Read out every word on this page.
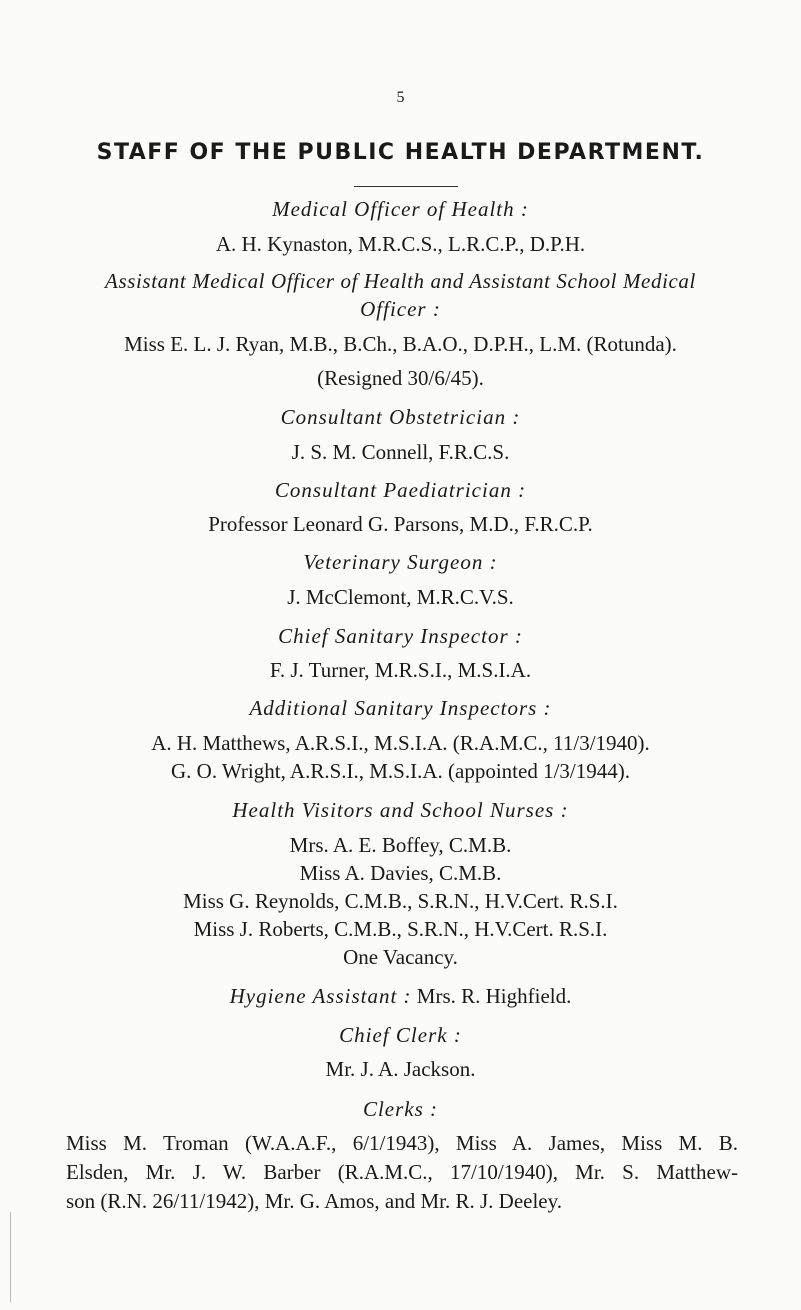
5
STAFF OF THE PUBLIC HEALTH DEPARTMENT.
Medical Officer of Health :
A. H. Kynaston, M.R.C.S., L.R.C.P., D.P.H.
Assistant Medical Officer of Health and Assistant School Medical
Officer :
Miss E. L. J. Ryan, M.B., B.Ch., B.A.O., D.P.H., L.M. (Rotunda).
(Resigned 30/6/45).
Consultant Obstetrician :
J. S. M. Connell, F.R.C.S.
Consultant Paediatrician :
Professor Leonard G. Parsons, M.D., F.R.C.P.
Veterinary Surgeon :
J. McClemont, M.R.C.V.S.
Chief Sanitary Inspector :
F. J. Turner, M.R.S.I., M.S.I.A.
Additional Sanitary Inspectors :
A. H. Matthews, A.R.S.I., M.S.I.A. (R.A.M.C., 11/3/1940).
G. O. Wright, A.R.S.I., M.S.I.A. (appointed 1/3/1944).
Health Visitors and School Nurses :
Mrs. A. E. Boffey, C.M.B.
Miss A. Davies, C.M.B.
Miss G. Reynolds, C.M.B., S.R.N., H.V.Cert. R.S.I.
Miss J. Roberts, C.M.B., S.R.N., H.V.Cert. R.S.I.
One Vacancy.
Hygiene Assistant : Mrs. R. Highfield.
Chief Clerk :
Mr. J. A. Jackson.
Clerks :
Miss M. Troman (W.A.A.F., 6/1/1943), Miss A. James, Miss M. B.
Elsden, Mr. J. W. Barber (R.A.M.C., 17/10/1940), Mr. S. Matthew-
son (R.N. 26/11/1942), Mr. G. Amos, and Mr. R. J. Deeley.
